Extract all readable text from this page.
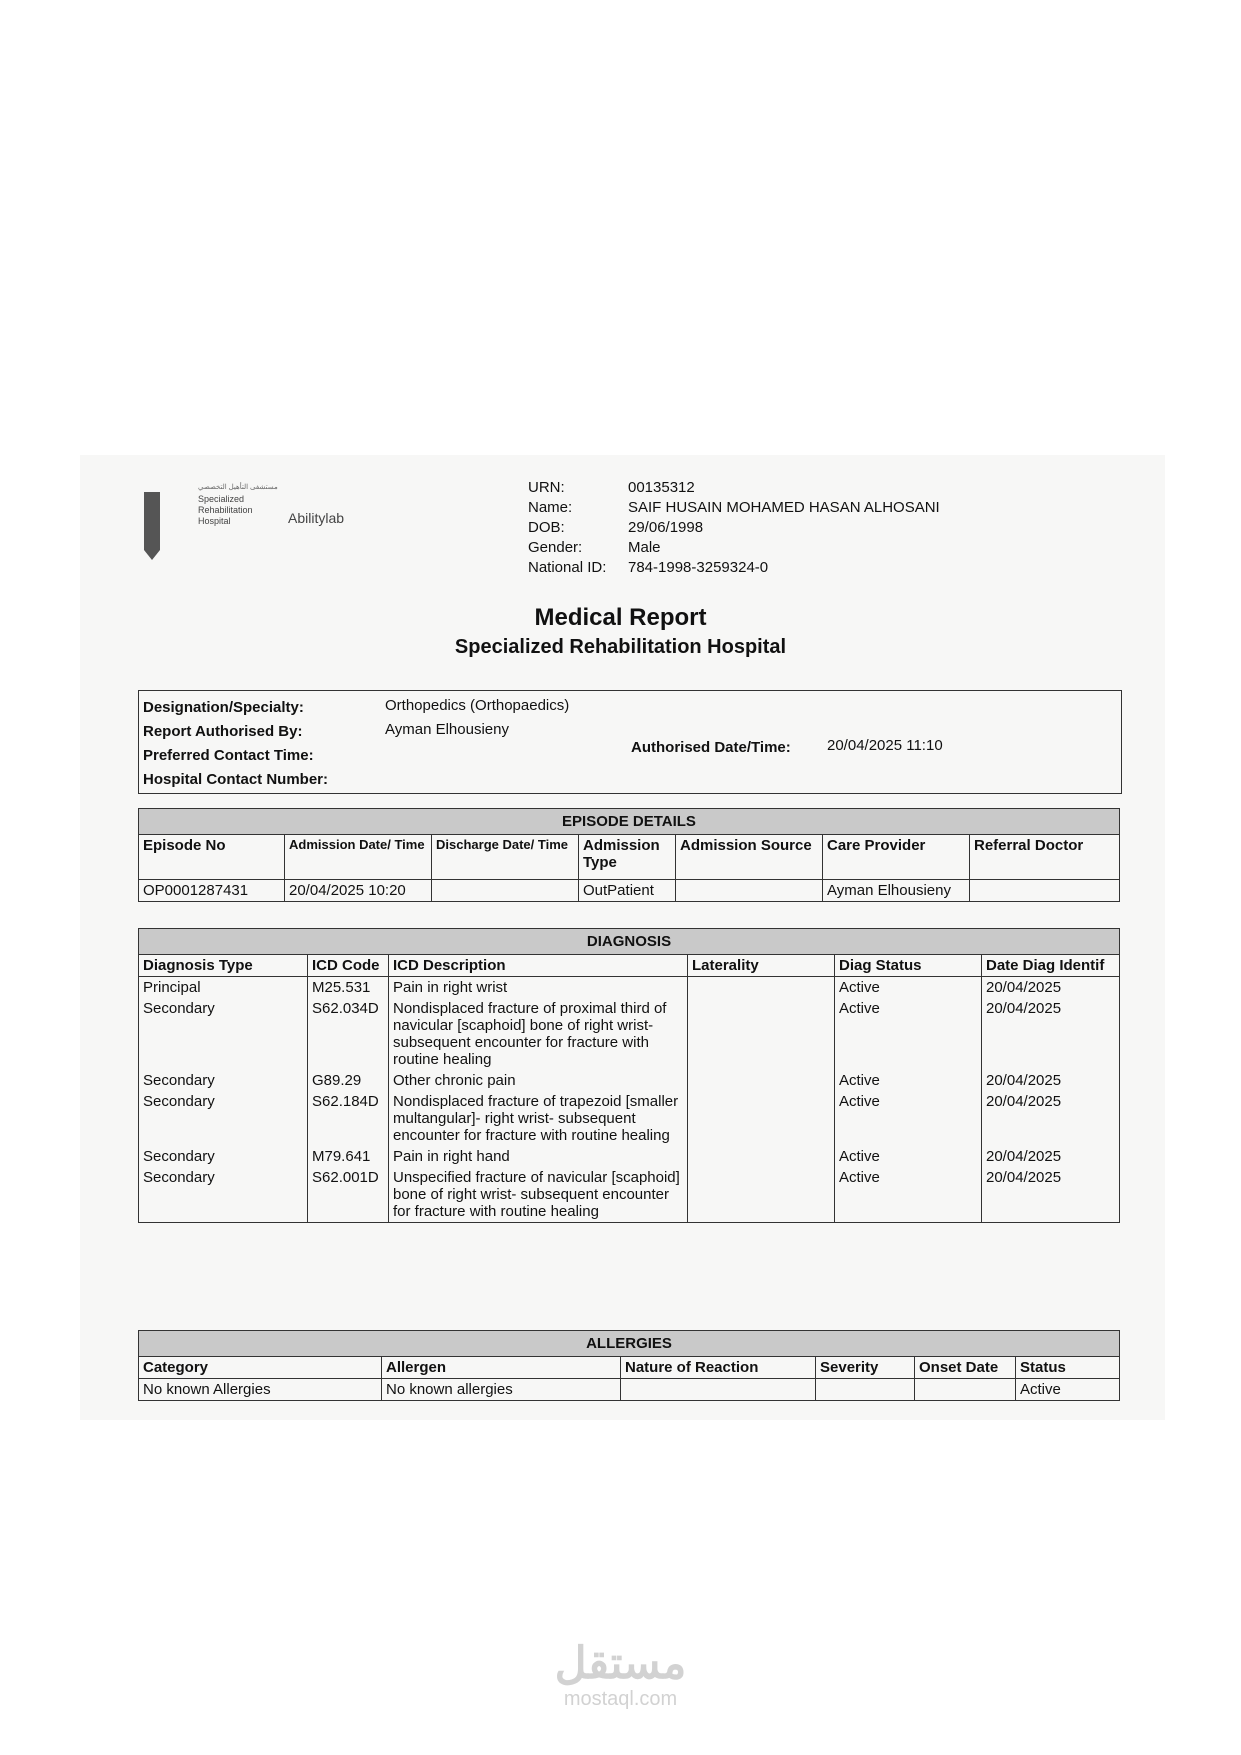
مستشفى التأهيل التخصصي
Specialized Rehabilitation Hospital	Abilitylab
URN:	00135312
Name:	SAIF HUSAIN MOHAMED HASAN ALHOSANI
DOB:	29/06/1998
Gender:	Male
National ID:	784-1998-3259324-0
Medical Report
Specialized Rehabilitation Hospital
Designation/Specialty:	Orthopedics (Orthopaedics)
Report Authorised By:	Ayman Elhousieny
Preferred Contact Time:
Hospital Contact Number:
Authorised Date/Time: 20/04/2025 11:10
EPISODE DETAILS
Episode No	Admission Date/ Time	Discharge Date/ Time	Admission Type	Admission Source	Care Provider	Referral Doctor
OP0001287431	20/04/2025 10:20		OutPatient		Ayman Elhousieny	
DIAGNOSIS
Diagnosis Type	ICD Code	ICD Description	Laterality	Diag Status	Date Diag Identif
Principal	M25.531	Pain in right wrist		Active	20/04/2025
Secondary	S62.034D	Nondisplaced fracture of proximal third of navicular [scaphoid] bone of right wrist- subsequent encounter for fracture with routine healing		Active	20/04/2025
Secondary	G89.29	Other chronic pain		Active	20/04/2025
Secondary	S62.184D	Nondisplaced fracture of trapezoid [smaller multangular]- right wrist- subsequent encounter for fracture with routine healing		Active	20/04/2025
Secondary	M79.641	Pain in right hand		Active	20/04/2025
Secondary	S62.001D	Unspecified fracture of navicular [scaphoid] bone of right wrist- subsequent encounter for fracture with routine healing		Active	20/04/2025
ALLERGIES
Category	Allergen	Nature of Reaction	Severity	Onset Date	Status
No known Allergies	No known allergies				Active
مستقل
mostaql.com
